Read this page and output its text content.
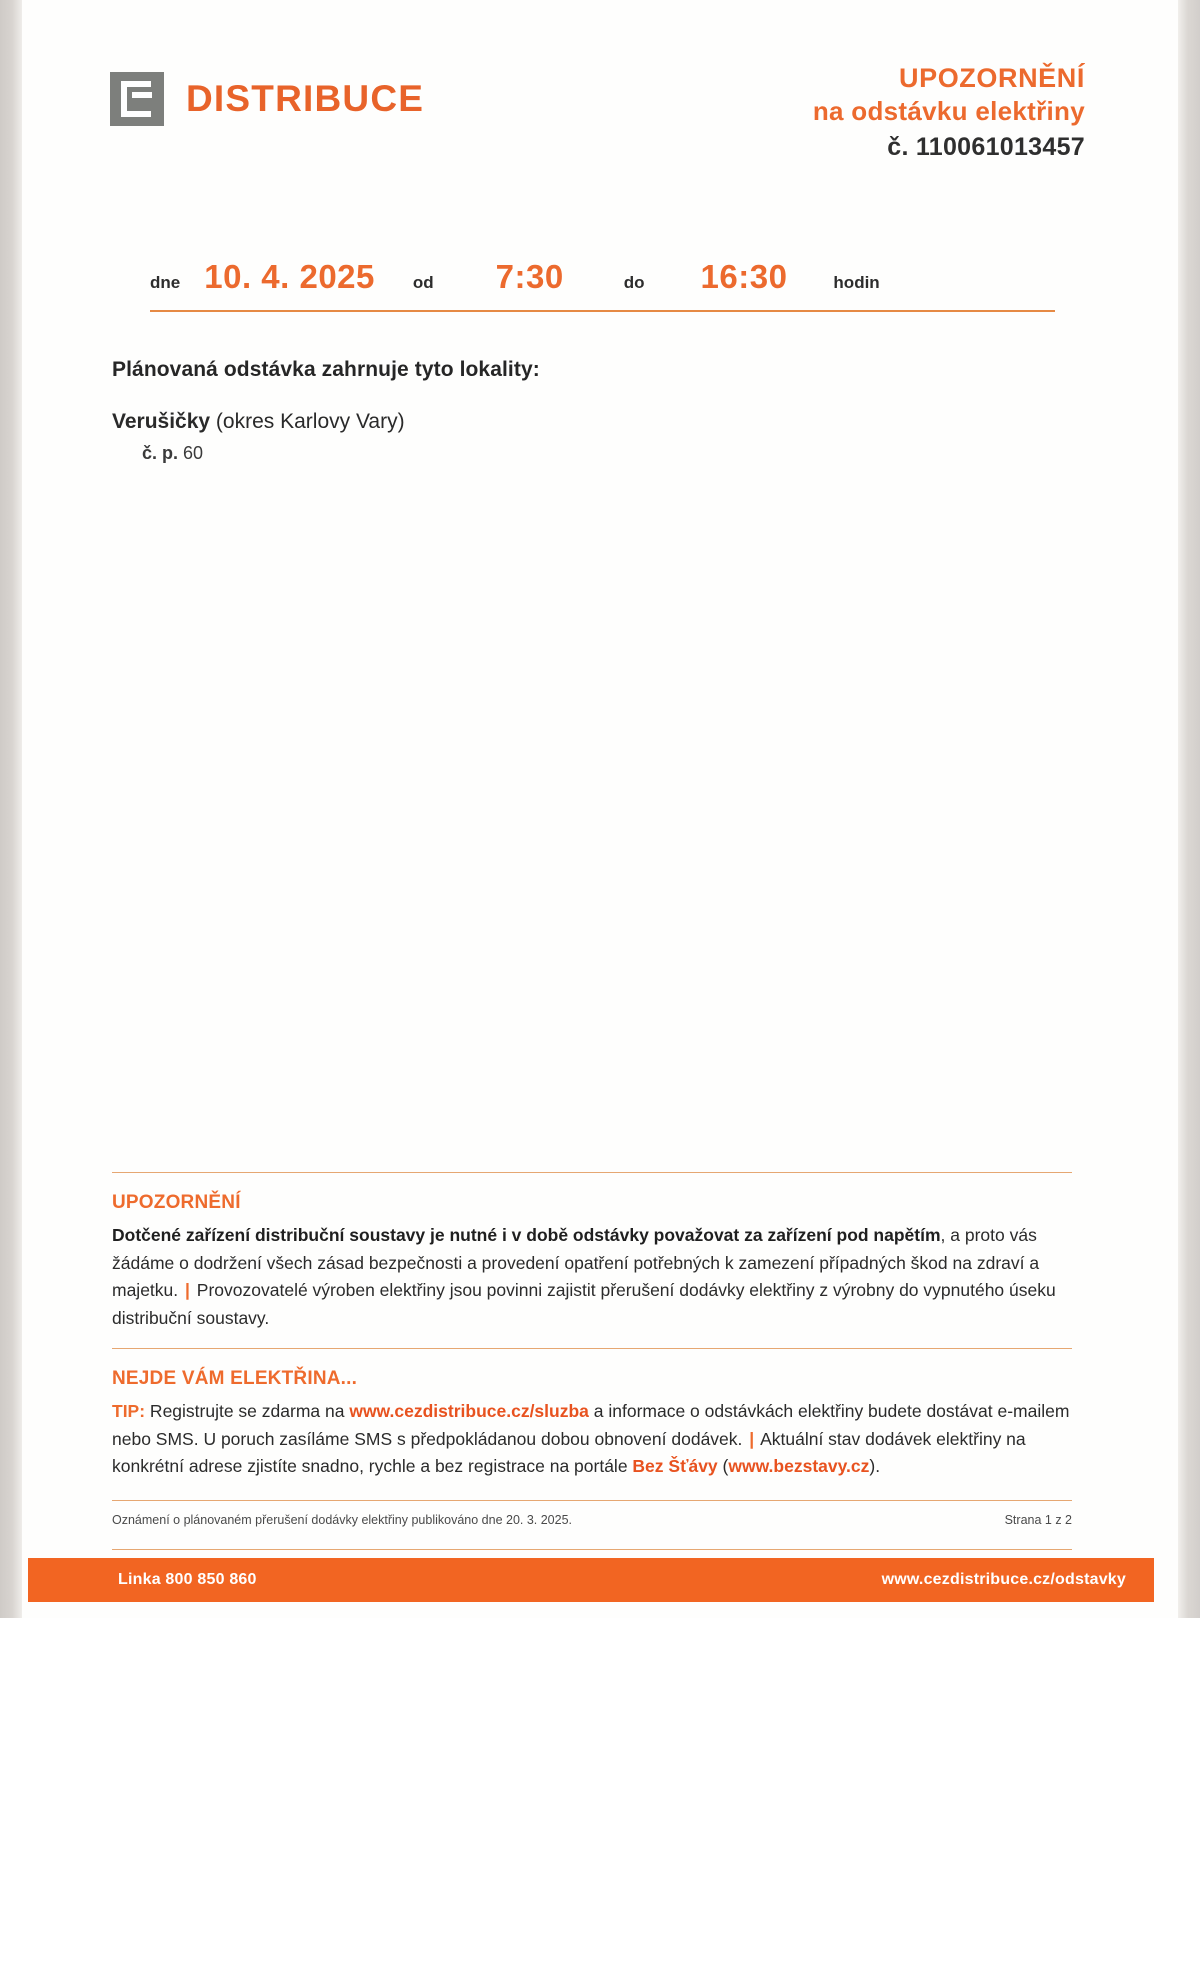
DISTRIBUCE	UPOZORNĚNÍ
na odstávku elektřiny
č. 110061013457
dne 10. 4. 2025 od 7:30	do 16:30	hodin
Plánovaná odstávka zahrnuje tyto lokality:
Verušičky (okres Karlovy Vary)
č. p. 60
UPOZORNĚNÍ
Dotčené zařízení distribuční soustavy je nutné i v době odstávky považovat za zařízení pod napětím, a proto vás žádáme o dodržení všech zásad bezpečnosti a provedení opatření potřebných k zamezení případných škod na zdraví a majetku. | Provozovatelé výroben elektřiny jsou povinni zajistit přerušení dodávky elektřiny z výrobny do vypnutého úseku distribuční soustavy.
NEJDE VÁM ELEKTŘINA...
TIP: Registrujte se zdarma na www.cezdistribuce.cz/sluzba a informace o odstávkách elektřiny budete dostávat e-mailem nebo SMS. U poruch zasíláme SMS s předpokládanou dobou obnovení dodávek. | Aktuální stav dodávek elektřiny na konkrétní adrese zjistíte snadno, rychle a bez registrace na portále Bez Šťávy (www.bezstavy.cz).
Oznámení o plánovaném přerušení dodávky elektřiny publikováno dne 20. 3. 2025.	Strana 1 z 2
Linka 800 850 860	www.cezdistribuce.cz/odstavky
